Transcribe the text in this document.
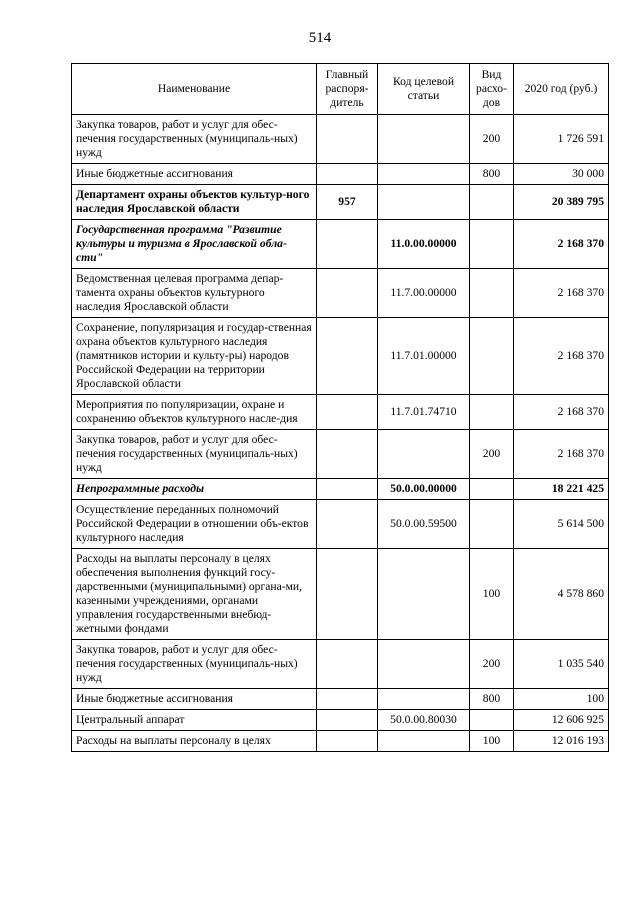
514
Наименование	Главный распоря-дитель	Код целевой статьи	Вид расхо-дов	2020 год (руб.)
Закупка товаров, работ и услуг для обес-печения государственных (муниципаль-ных) нужд			200	1 726 591
Иные бюджетные ассигнования			800	30 000
Департамент охраны объектов культур-ного наследия Ярославской области	957			20 389 795
Государственная программа "Развитие культуры и туризма в Ярославской обла-сти"		11.0.00.00000		2 168 370
Ведомственная целевая программа депар-тамента охраны объектов культурного наследия Ярославской области		11.7.00.00000		2 168 370
Сохранение, популяризация и государ-ственная охрана объектов культурного наследия (памятников истории и культу-ры) народов Российской Федерации на территории Ярославской области		11.7.01.00000		2 168 370
Мероприятия по популяризации, охране и сохранению объектов культурного насле-дия		11.7.01.74710		2 168 370
Закупка товаров, работ и услуг для обес-печения государственных (муниципаль-ных) нужд			200	2 168 370
Непрограммные расходы		50.0.00.00000		18 221 425
Осуществление переданных полномочий Российской Федерации в отношении объ-ектов культурного наследия		50.0.00.59500		5 614 500
Расходы на выплаты персоналу в целях обеспечения выполнения функций госу-дарственными (муниципальными) органа-ми, казенными учреждениями, органами управления государственными внебюд-жетными фондами			100	4 578 860
Закупка товаров, работ и услуг для обес-печения государственных (муниципаль-ных) нужд			200	1 035 540
Иные бюджетные ассигнования			800	100
Центральный аппарат		50.0.00.80030		12 606 925
Расходы на выплаты персоналу в целях			100	12 016 193
